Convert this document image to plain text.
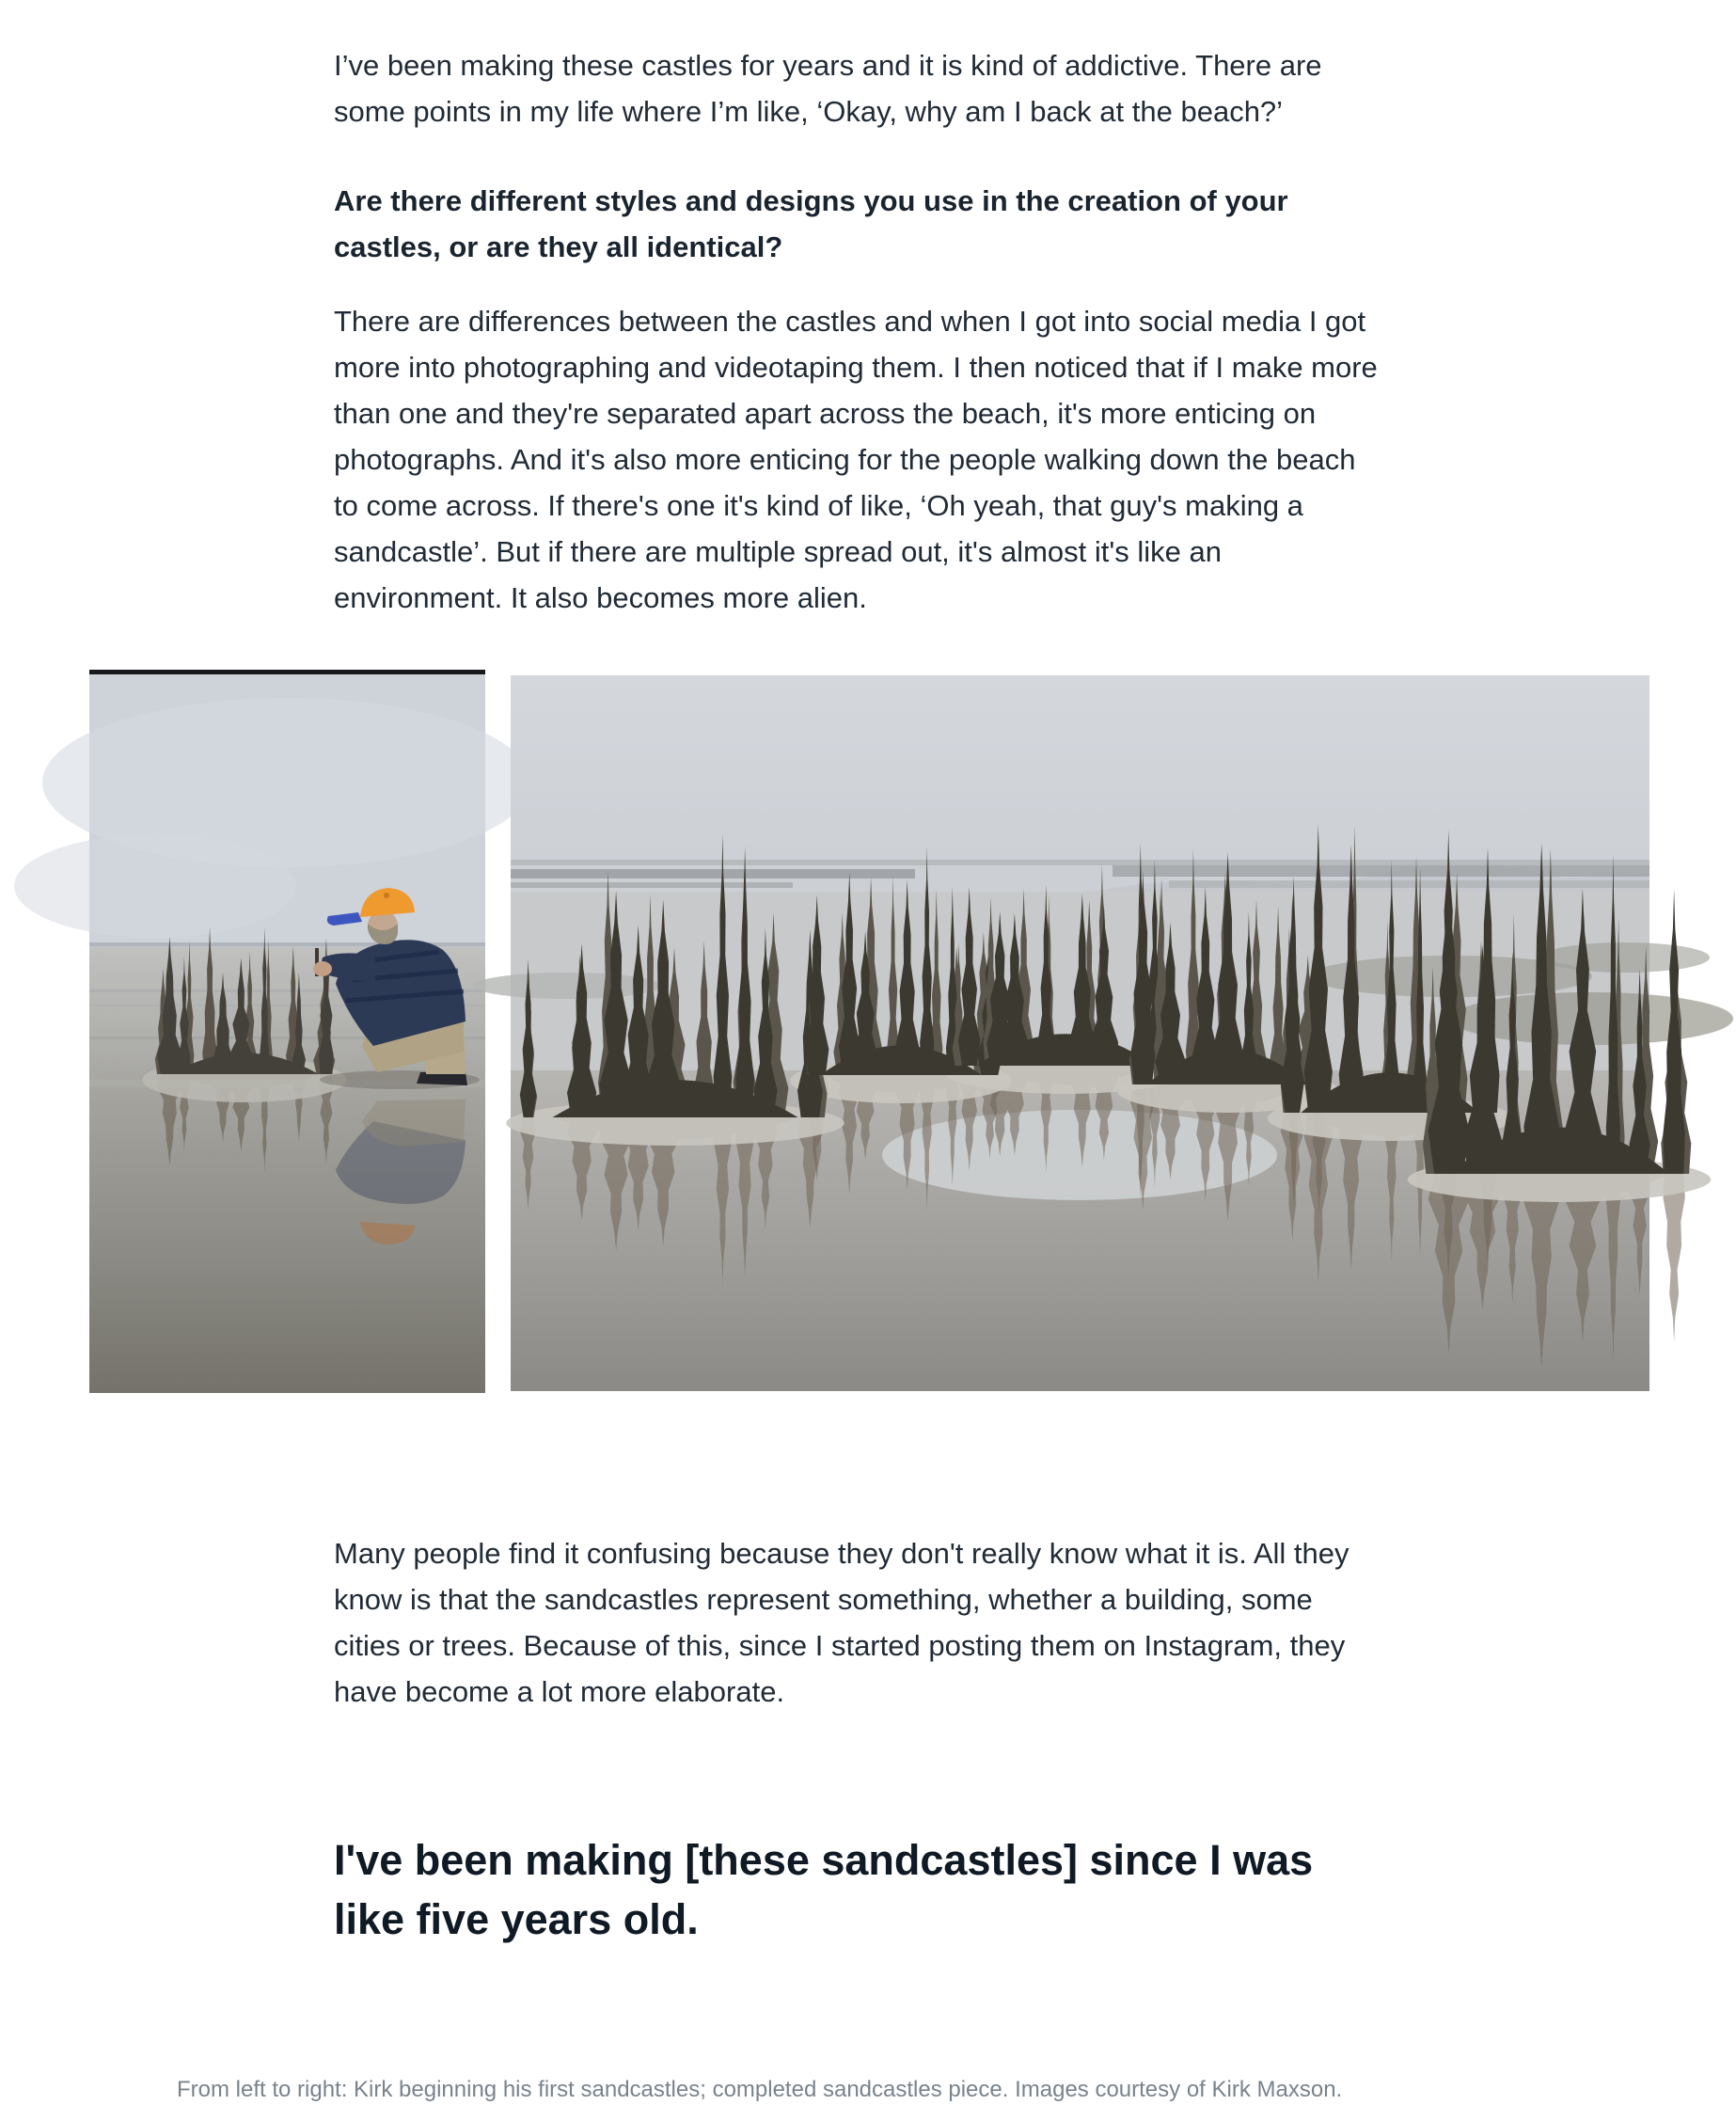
I’ve been making these castles for years and it is kind of addictive. There are some points in my life where I’m like, ‘Okay, why am I back at the beach?’

Are there different styles and designs you use in the creation of your castles, or are they all identical?

There are differences between the castles and when I got into social media I got more into photographing and videotaping them. I then noticed that if I make more than one and they're separated apart across the beach, it's more enticing on photographs. And it's also more enticing for the people walking down the beach to come across. If there's one it's kind of like, ‘Oh yeah, that guy's making a sandcastle’. But if there are multiple spread out, it's almost it's like an environment. It also becomes more alien.

From left to right: Kirk beginning his first sandcastles; completed sandcastles piece. Images courtesy of Kirk Maxson.

Many people find it confusing because they don't really know what it is. All they know is that the sandcastles represent something, whether a building, some cities or trees. Because of this, since I started posting them on Instagram, they have become a lot more elaborate.

I've been making [these sandcastles] since I was like five years old.
